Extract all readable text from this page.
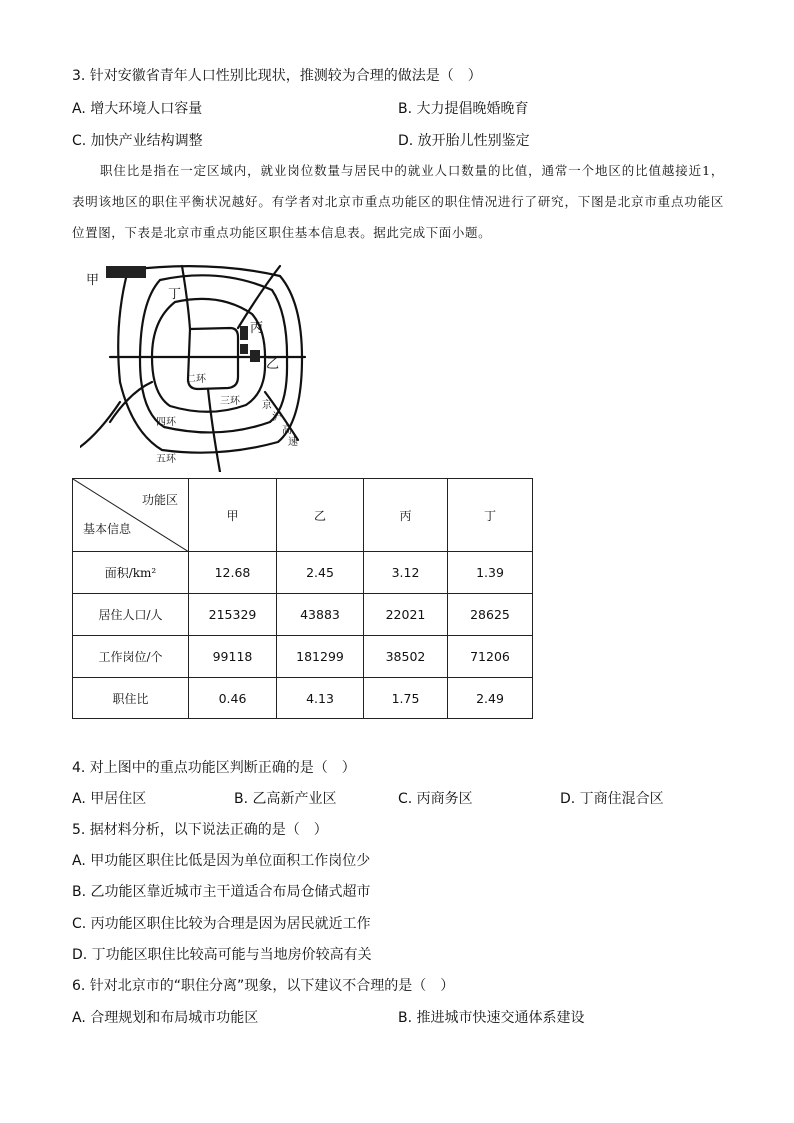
3. 针对安徽省青年人口性别比现状，推测较为合理的做法是（　）
A. 增大环境人口容量	B. 大力提倡晚婚晚育
C. 加快产业结构调整	D. 放开胎儿性别鉴定

职住比是指在一定区域内，就业岗位数量与居民中的就业人口数量的比值，通常一个地区的比值越接近1，表明该地区的职住平衡状况越好。有学者对北京市重点功能区的职住情况进行了研究，下图是北京市重点功能区位置图，下表是北京市重点功能区职住基本信息表。据此完成下面小题。

甲
丁
丙
乙
二环
三环
四环
五环
京
沪
高
速
功能区
基本信息	甲	乙	丙	丁
面积/km²	12.68	2.45	3.12	1.39
居住人口/人	215329	43883	22021	28625
工作岗位/个	99118	181299	38502	71206
职住比	0.46	4.13	1.75	2.49
4. 对上图中的重点功能区判断正确的是（　）
A. 甲居住区	B. 乙高新产业区	C. 丙商务区	D. 丁商住混合区
5. 据材料分析，以下说法正确的是（　）
A. 甲功能区职住比低是因为单位面积工作岗位少
B. 乙功能区靠近城市主干道适合布局仓储式超市
C. 丙功能区职住比较为合理是因为居民就近工作
D. 丁功能区职住比较高可能与当地房价较高有关
6. 针对北京市的“职住分离”现象，以下建议不合理的是（　）
A. 合理规划和布局城市功能区	B. 推进城市快速交通体系建设
